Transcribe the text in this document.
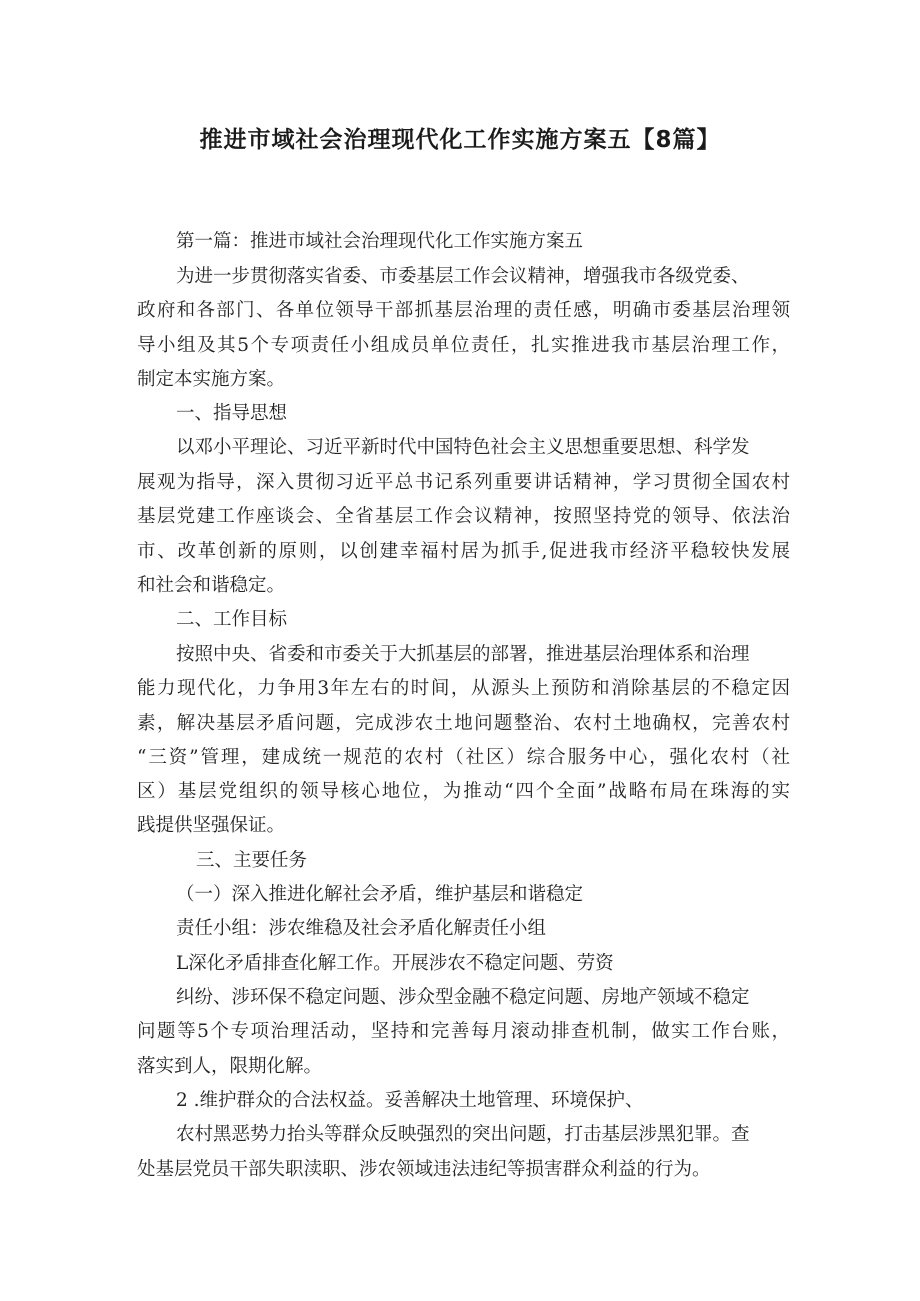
推进市域社会治理现代化工作实施方案五【8篇】
第一篇：推进市域社会治理现代化工作实施方案五
为进一步贯彻落实省委、市委基层工作会议精神，增强我市各级党委、
政府和各部门、各单位领导干部抓基层治理的责任感，明确市委基层治理领
导小组及其5个专项责任小组成员单位责任，扎实推进我市基层治理工作，
制定本实施方案。
一、指导思想
以邓小平理论、习近平新时代中国特色社会主义思想重要思想、科学发
展观为指导，深入贯彻习近平总书记系列重要讲话精神，学习贯彻全国农村
基层党建工作座谈会、全省基层工作会议精神，按照坚持党的领导、依法治
市、改革创新的原则，以创建幸福村居为抓手,促进我市经济平稳较快发展
和社会和谐稳定。
二、工作目标
按照中央、省委和市委关于大抓基层的部署，推进基层治理体系和治理
能力现代化，力争用3年左右的时间，从源头上预防和消除基层的不稳定因
素，解决基层矛盾问题，完成涉农土地问题整治、农村土地确权，完善农村
“三资”管理，建成统一规范的农村（社区）综合服务中心，强化农村（社
区）基层党组织的领导核心地位，为推动“四个全面”战略布局在珠海的实
践提供坚强保证。
三、主要任务
（一）深入推进化解社会矛盾，维护基层和谐稳定
责任小组：涉农维稳及社会矛盾化解责任小组
L深化矛盾排查化解工作。开展涉农不稳定问题、劳资
纠纷、涉环保不稳定问题、涉众型金融不稳定问题、房地产领域不稳定
问题等5个专项治理活动，坚持和完善每月滚动排查机制，做实工作台账，
落实到人，限期化解。
2 .维护群众的合法权益。妥善解决土地管理、环境保护、
农村黑恶势力抬头等群众反映强烈的突出问题，打击基层涉黑犯罪。查
处基层党员干部失职渎职、涉农领域违法违纪等损害群众利益的行为。
